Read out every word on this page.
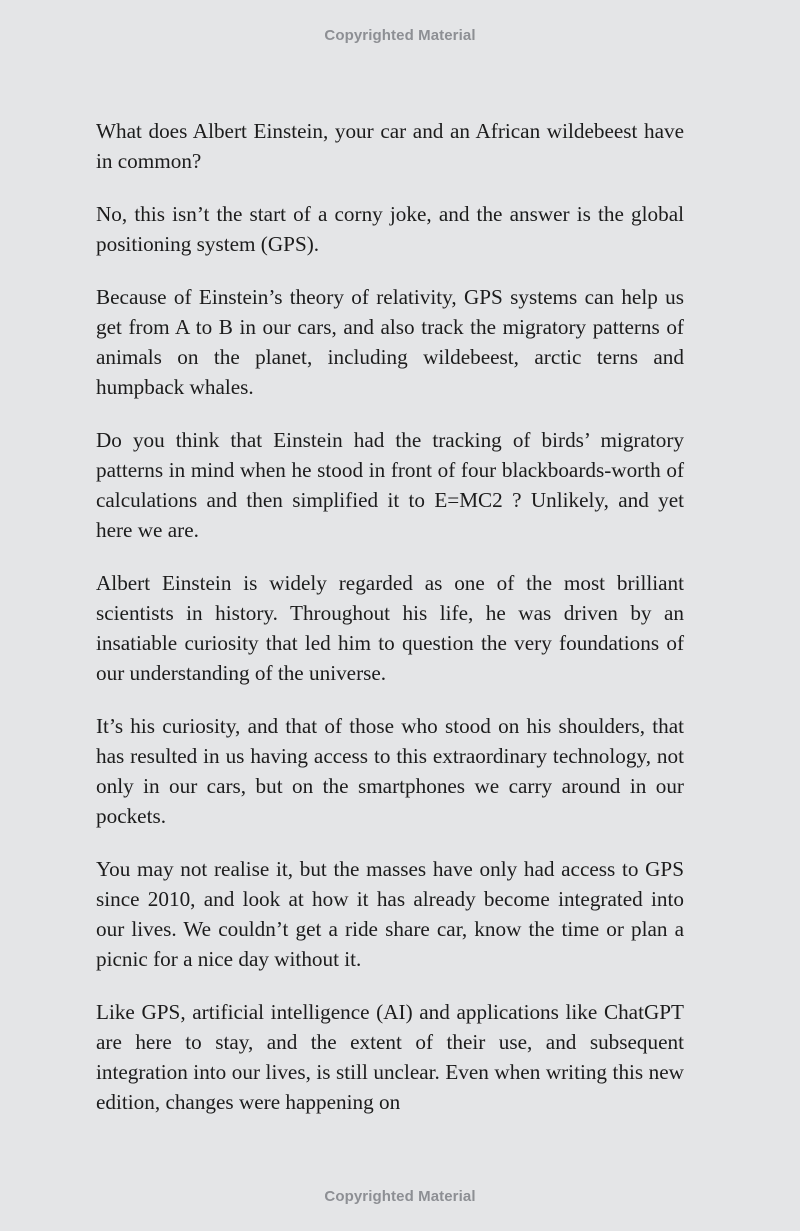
Copyrighted Material

What does Albert Einstein, your car and an African wildebeest have in common?

No, this isn’t the start of a corny joke, and the answer is the global positioning system (GPS).

Because of Einstein’s theory of relativity, GPS systems can help us get from A to B in our cars, and also track the migratory patterns of animals on the planet, including wildebeest, arctic terns and humpback whales.

Do you think that Einstein had the tracking of birds’ migratory patterns in mind when he stood in front of four blackboards-worth of calculations and then simplified it to E=MC2 ? Unlikely, and yet here we are.

Albert Einstein is widely regarded as one of the most brilliant scientists in history. Throughout his life, he was driven by an insatiable curiosity that led him to question the very foundations of our understanding of the universe.

It’s his curiosity, and that of those who stood on his shoulders, that has resulted in us having access to this extraordinary technology, not only in our cars, but on the smartphones we carry around in our pockets.

You may not realise it, but the masses have only had access to GPS since 2010, and look at how it has already become integrated into our lives. We couldn’t get a ride share car, know the time or plan a picnic for a nice day without it.

Like GPS, artificial intelligence (AI) and applications like ChatGPT are here to stay, and the extent of their use, and subsequent integration into our lives, is still unclear. Even when writing this new edition, changes were happening on

Copyrighted Material
